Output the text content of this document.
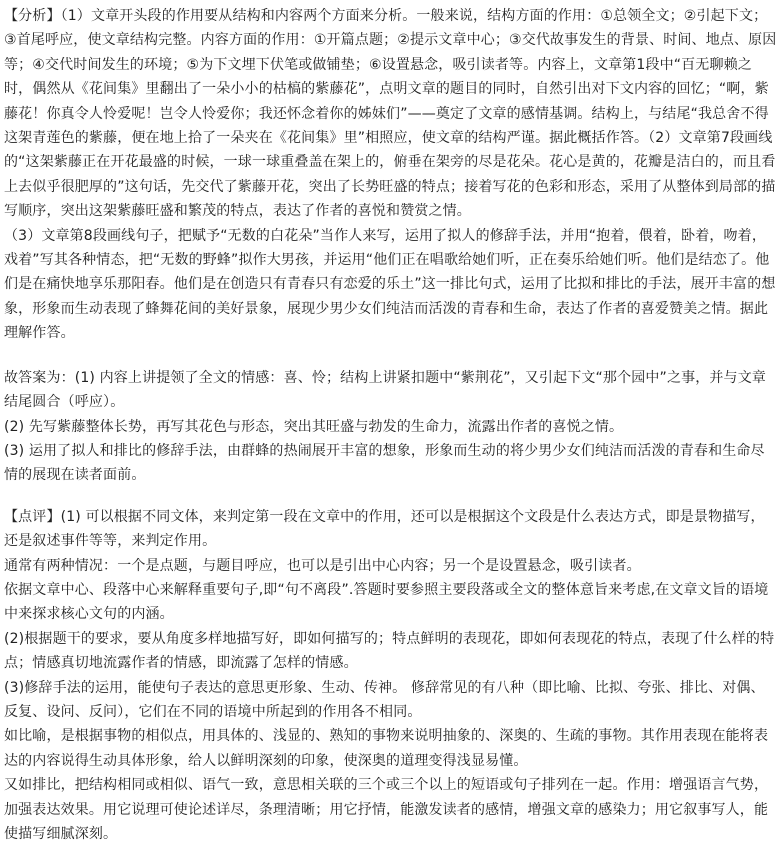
【分析】（1）文章开头段的作用要从结构和内容两个方面来分析。一般来说，结构方面的作用：①总领全文；②引起下文；③首尾呼应，使文章结构完整。内容方面的作用：①开篇点题；②提示文章中心；③交代故事发生的背景、时间、地点、原因等；④交代时间发生的环境；⑤为下文埋下伏笔或做铺垫；⑥设置悬念，吸引读者等。内容上，文章第1段中“百无聊赖之时，偶然从《花间集》里翻出了一朵小小的枯槁的紫藤花”，点明文章的题目的同时，自然引出对下文内容的回忆；“啊，紫藤花！你真令人怜爱呢！岂令人怜爱你；我还怀念着你的姊妹们”——奠定了文章的感情基调。结构上，与结尾“我总舍不得这架青莲色的紫藤，便在地上拾了一朵夹在《花间集》里”相照应，使文章的结构严谨。据此概括作答。（2）文章第7段画线的“这架紫藤正在开花最盛的时候，一球一球重叠盖在架上的，俯垂在架旁的尽是花朵。花心是黄的，花瓣是洁白的，而且看上去似乎很肥厚的”这句话，先交代了紫藤开花，突出了长势旺盛的特点；接着写花的色彩和形态，采用了从整体到局部的描写顺序，突出这架紫藤旺盛和繁茂的特点，表达了作者的喜悦和赞赏之情。

（3）文章第8段画线句子，把赋予“无数的白花朵”当作人来写，运用了拟人的修辞手法，并用“抱着，偎着，卧着，吻着，戏着”写其各种情态，把“无数的野蜂”拟作大男孩，并运用“他们正在唱歌给她们听，正在奏乐给她们听。他们是结恋了。他们是在痛快地享乐那阳春。他们是在创造只有青春只有恋爱的乐土”这一排比句式，运用了比拟和排比的手法，展开丰富的想象，形象而生动表现了蜂舞花间的美好景象，展现少男少女们纯洁而活泼的青春和生命，表达了作者的喜爱赞美之情。据此理解作答。

故答案为：(1) 内容上讲提领了全文的情感：喜、怜；结构上讲紧扣题中“紫荆花”，又引起下文“那个园中”之事，并与文章结尾圆合（呼应）。

(2) 先写紫藤整体长势，再写其花色与形态，突出其旺盛与勃发的生命力，流露出作者的喜悦之情。

(3) 运用了拟人和排比的修辞手法，由群蜂的热闹展开丰富的想象，形象而生动的将少男少女们纯洁而活泼的青春和生命尽情的展现在读者面前。

【点评】(1) 可以根据不同文体，来判定第一段在文章中的作用，还可以是根据这个文段是什么表达方式，即是景物描写，还是叙述事件等等，来判定作用。

通常有两种情况：一个是点题，与题目呼应，也可以是引出中心内容；另一个是设置悬念，吸引读者。

依据文章中心、段落中心来解释重要句子,即“句不离段”.答题时要参照主要段落或全文的整体意旨来考虑,在文章文旨的语境中来探求核心文句的内涵。

(2)根据题干的要求，要从角度多样地描写好，即如何描写的；特点鲜明的表现花，即如何表现花的特点，表现了什么样的特点；情感真切地流露作者的情感，即流露了怎样的情感。

(3)修辞手法的运用，能使句子表达的意思更形象、生动、传神。 修辞常见的有八种（即比喻、比拟、夸张、排比、对偶、反复、设问、反问），它们在不同的语境中所起到的作用各不相同。

如比喻，是根据事物的相似点，用具体的、浅显的、熟知的事物来说明抽象的、深奥的、生疏的事物。其作用表现在能将表达的内容说得生动具体形象，给人以鲜明深刻的印象，使深奥的道理变得浅显易懂。

又如排比，把结构相同或相似、语气一致，意思相关联的三个或三个以上的短语或句子排列在一起。作用：增强语言气势，加强表达效果。用它说理可使论述详尽，条理清晰；用它抒情，能激发读者的感情，增强文章的感染力；用它叙事写人，能使描写细腻深刻。
